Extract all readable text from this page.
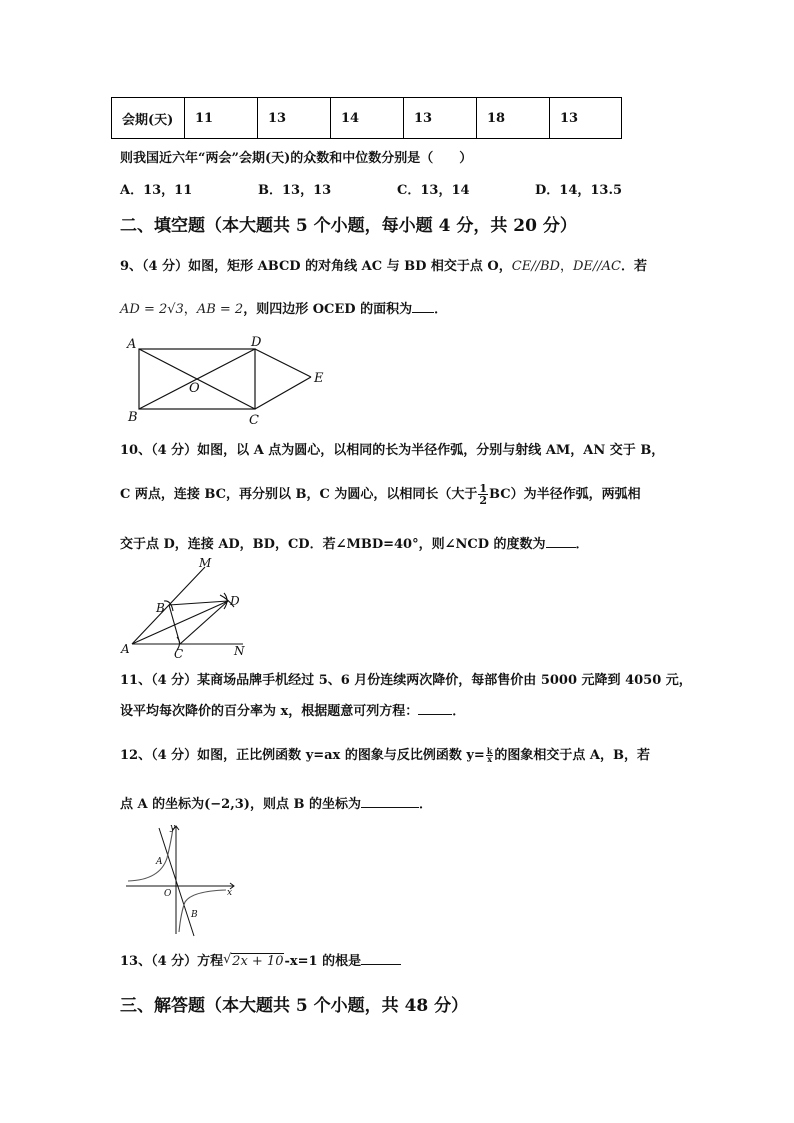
会期(天)	11	13	14	13	18	13
则我国近六年“两会”会期(天)的众数和中位数分别是（　　）
A．13，11	B．13，13	C．13，14	D．14，13.5
二、填空题（本大题共 5 个小题，每小题 4 分，共 20 分）
9、（4 分）如图，矩形 ABCD 的对角线 AC 与 BD 相交于点 O，CE//BD，DE//AC．若
AD = 2√3，AB = 2，则四边形 OCED 的面积为 ．
A	D
B	C
E
O
10、（4 分）如图，以 A 点为圆心，以相同的长为半径作弧，分别与射线 AM，AN 交于 B，
C 两点，连接 BC，再分别以 B，C 为圆心，以相同长（大于 $\frac{1}{2} BC$）为半径作弧，两弧相
交于点 D，连接 AD，BD，CD．若∠MBD=40°，则∠NCD 的度数为 ．
M
B	D
A	C	N
11、（4 分）某商场品牌手机经过 5、6 月份连续两次降价，每部售价由 5000 元降到 4050 元，
设平均每次降价的百分率为 x，根据题意可列方程：	．
12、（4 分）如图，正比例函数 y=ax 的图象与反比例函数 $y= \frac{k}{x}$ 的图象相交于点 A，B，若
点 A 的坐标为(−2,3)，则点 B 的坐标为	．
y
x
O
A
B
13、（4 分）方程 √ 2x + 10-x=1 的根是
三、解答题（本大题共 5 个小题，共 48 分）
